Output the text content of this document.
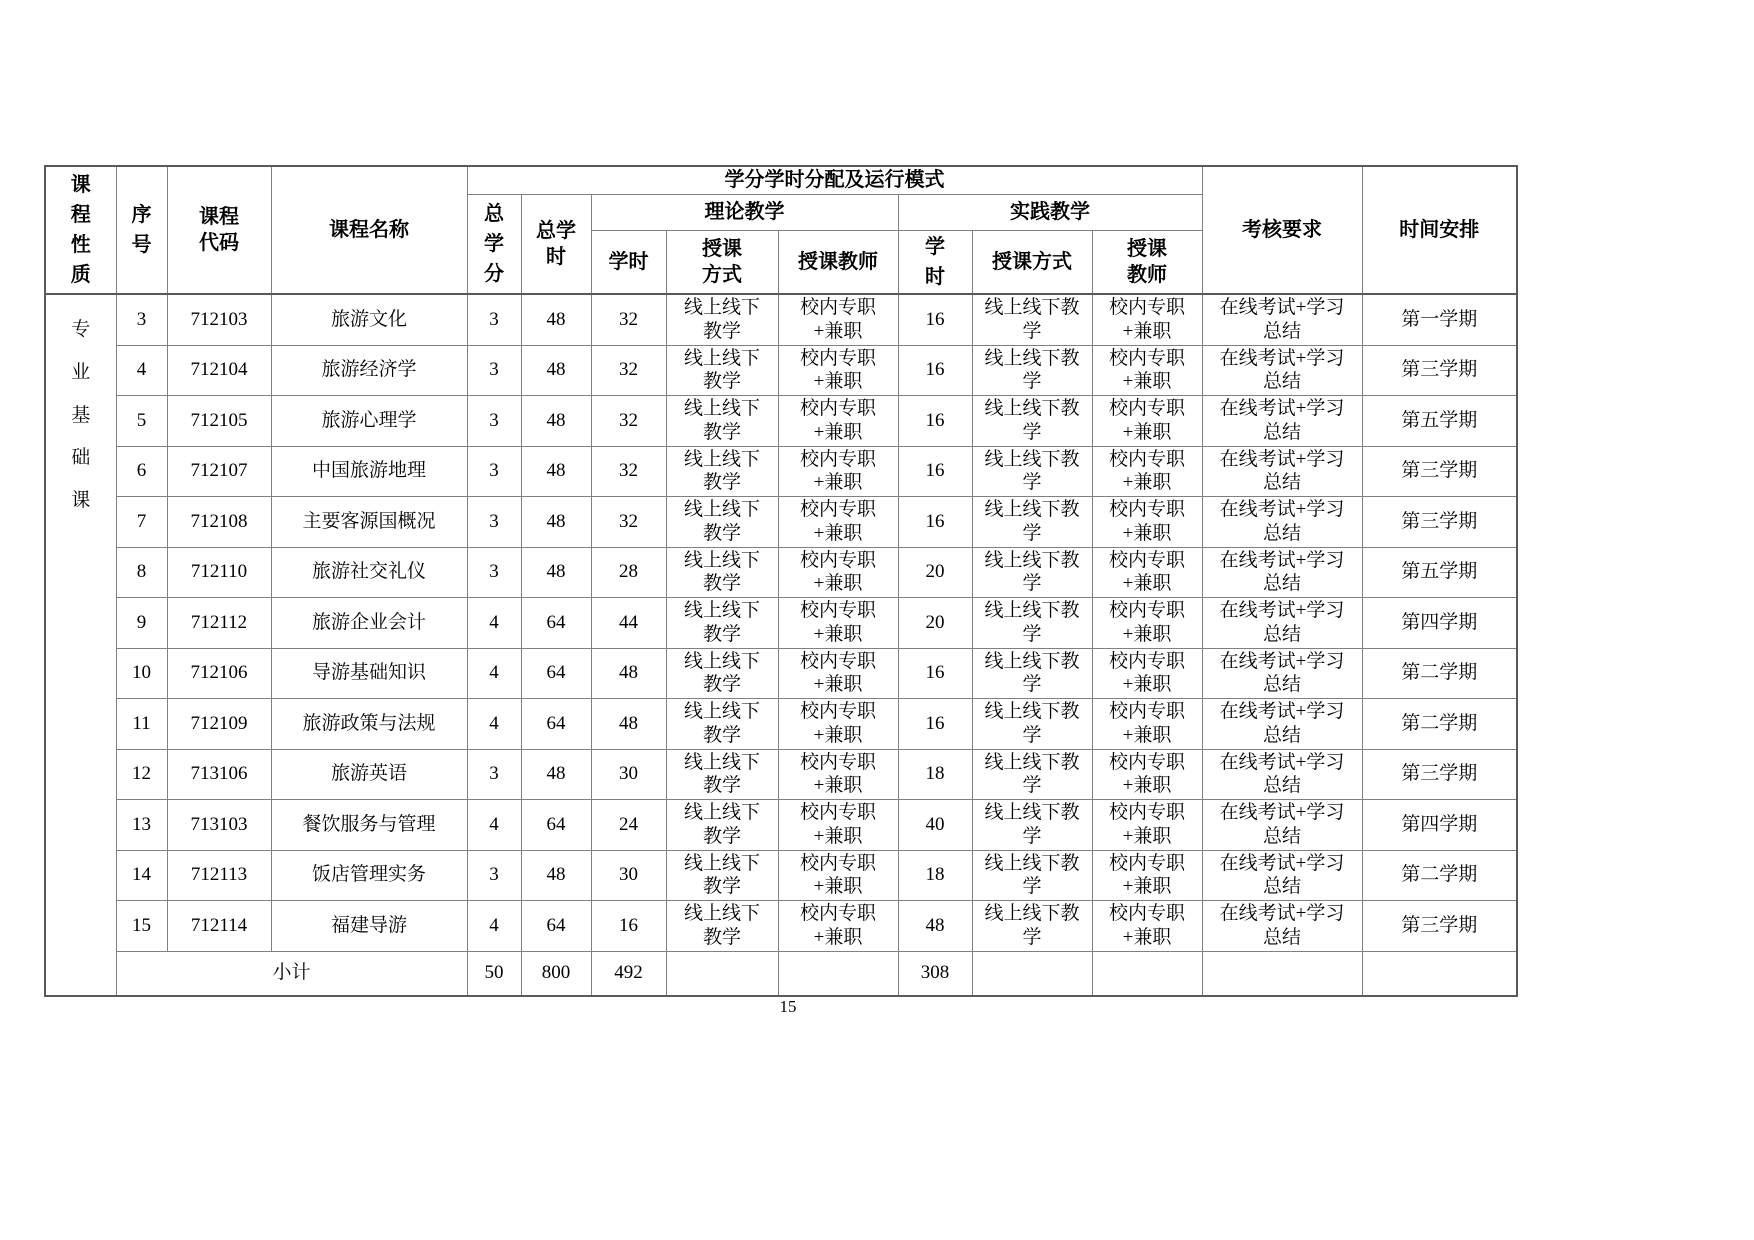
课程性质	序号	课程代码	课程名称	学分学时分配及运行模式								考核要求	时间安排
				总学分	总学时	理论教学			实践教学				
						学时	授课方式	授课教师	学时	授课方式	授课教师		
专业基础课	3	712103	旅游文化	3	48	32	线上线下教学	校内专职+兼职	16	线上线下教学	校内专职+兼职	在线考试+学习总结	第一学期
	4	712104	旅游经济学	3	48	32	线上线下教学	校内专职+兼职	16	线上线下教学	校内专职+兼职	在线考试+学习总结	第三学期
	5	712105	旅游心理学	3	48	32	线上线下教学	校内专职+兼职	16	线上线下教学	校内专职+兼职	在线考试+学习总结	第五学期
	6	712107	中国旅游地理	3	48	32	线上线下教学	校内专职+兼职	16	线上线下教学	校内专职+兼职	在线考试+学习总结	第三学期
	7	712108	主要客源国概况	3	48	32	线上线下教学	校内专职+兼职	16	线上线下教学	校内专职+兼职	在线考试+学习总结	第三学期
	8	712110	旅游社交礼仪	3	48	28	线上线下教学	校内专职+兼职	20	线上线下教学	校内专职+兼职	在线考试+学习总结	第五学期
	9	712112	旅游企业会计	4	64	44	线上线下教学	校内专职+兼职	20	线上线下教学	校内专职+兼职	在线考试+学习总结	第四学期
	10	712106	导游基础知识	4	64	48	线上线下教学	校内专职+兼职	16	线上线下教学	校内专职+兼职	在线考试+学习总结	第二学期
	11	712109	旅游政策与法规	4	64	48	线上线下教学	校内专职+兼职	16	线上线下教学	校内专职+兼职	在线考试+学习总结	第二学期
	12	713106	旅游英语	3	48	30	线上线下教学	校内专职+兼职	18	线上线下教学	校内专职+兼职	在线考试+学习总结	第三学期
	13	713103	餐饮服务与管理	4	64	24	线上线下教学	校内专职+兼职	40	线上线下教学	校内专职+兼职	在线考试+学习总结	第四学期
	14	712113	饭店管理实务	3	48	30	线上线下教学	校内专职+兼职	18	线上线下教学	校内专职+兼职	在线考试+学习总结	第二学期
	15	712114	福建导游	4	64	16	线上线下教学	校内专职+兼职	48	线上线下教学	校内专职+兼职	在线考试+学习总结	第三学期
	小计			50	800	492			308				
15
